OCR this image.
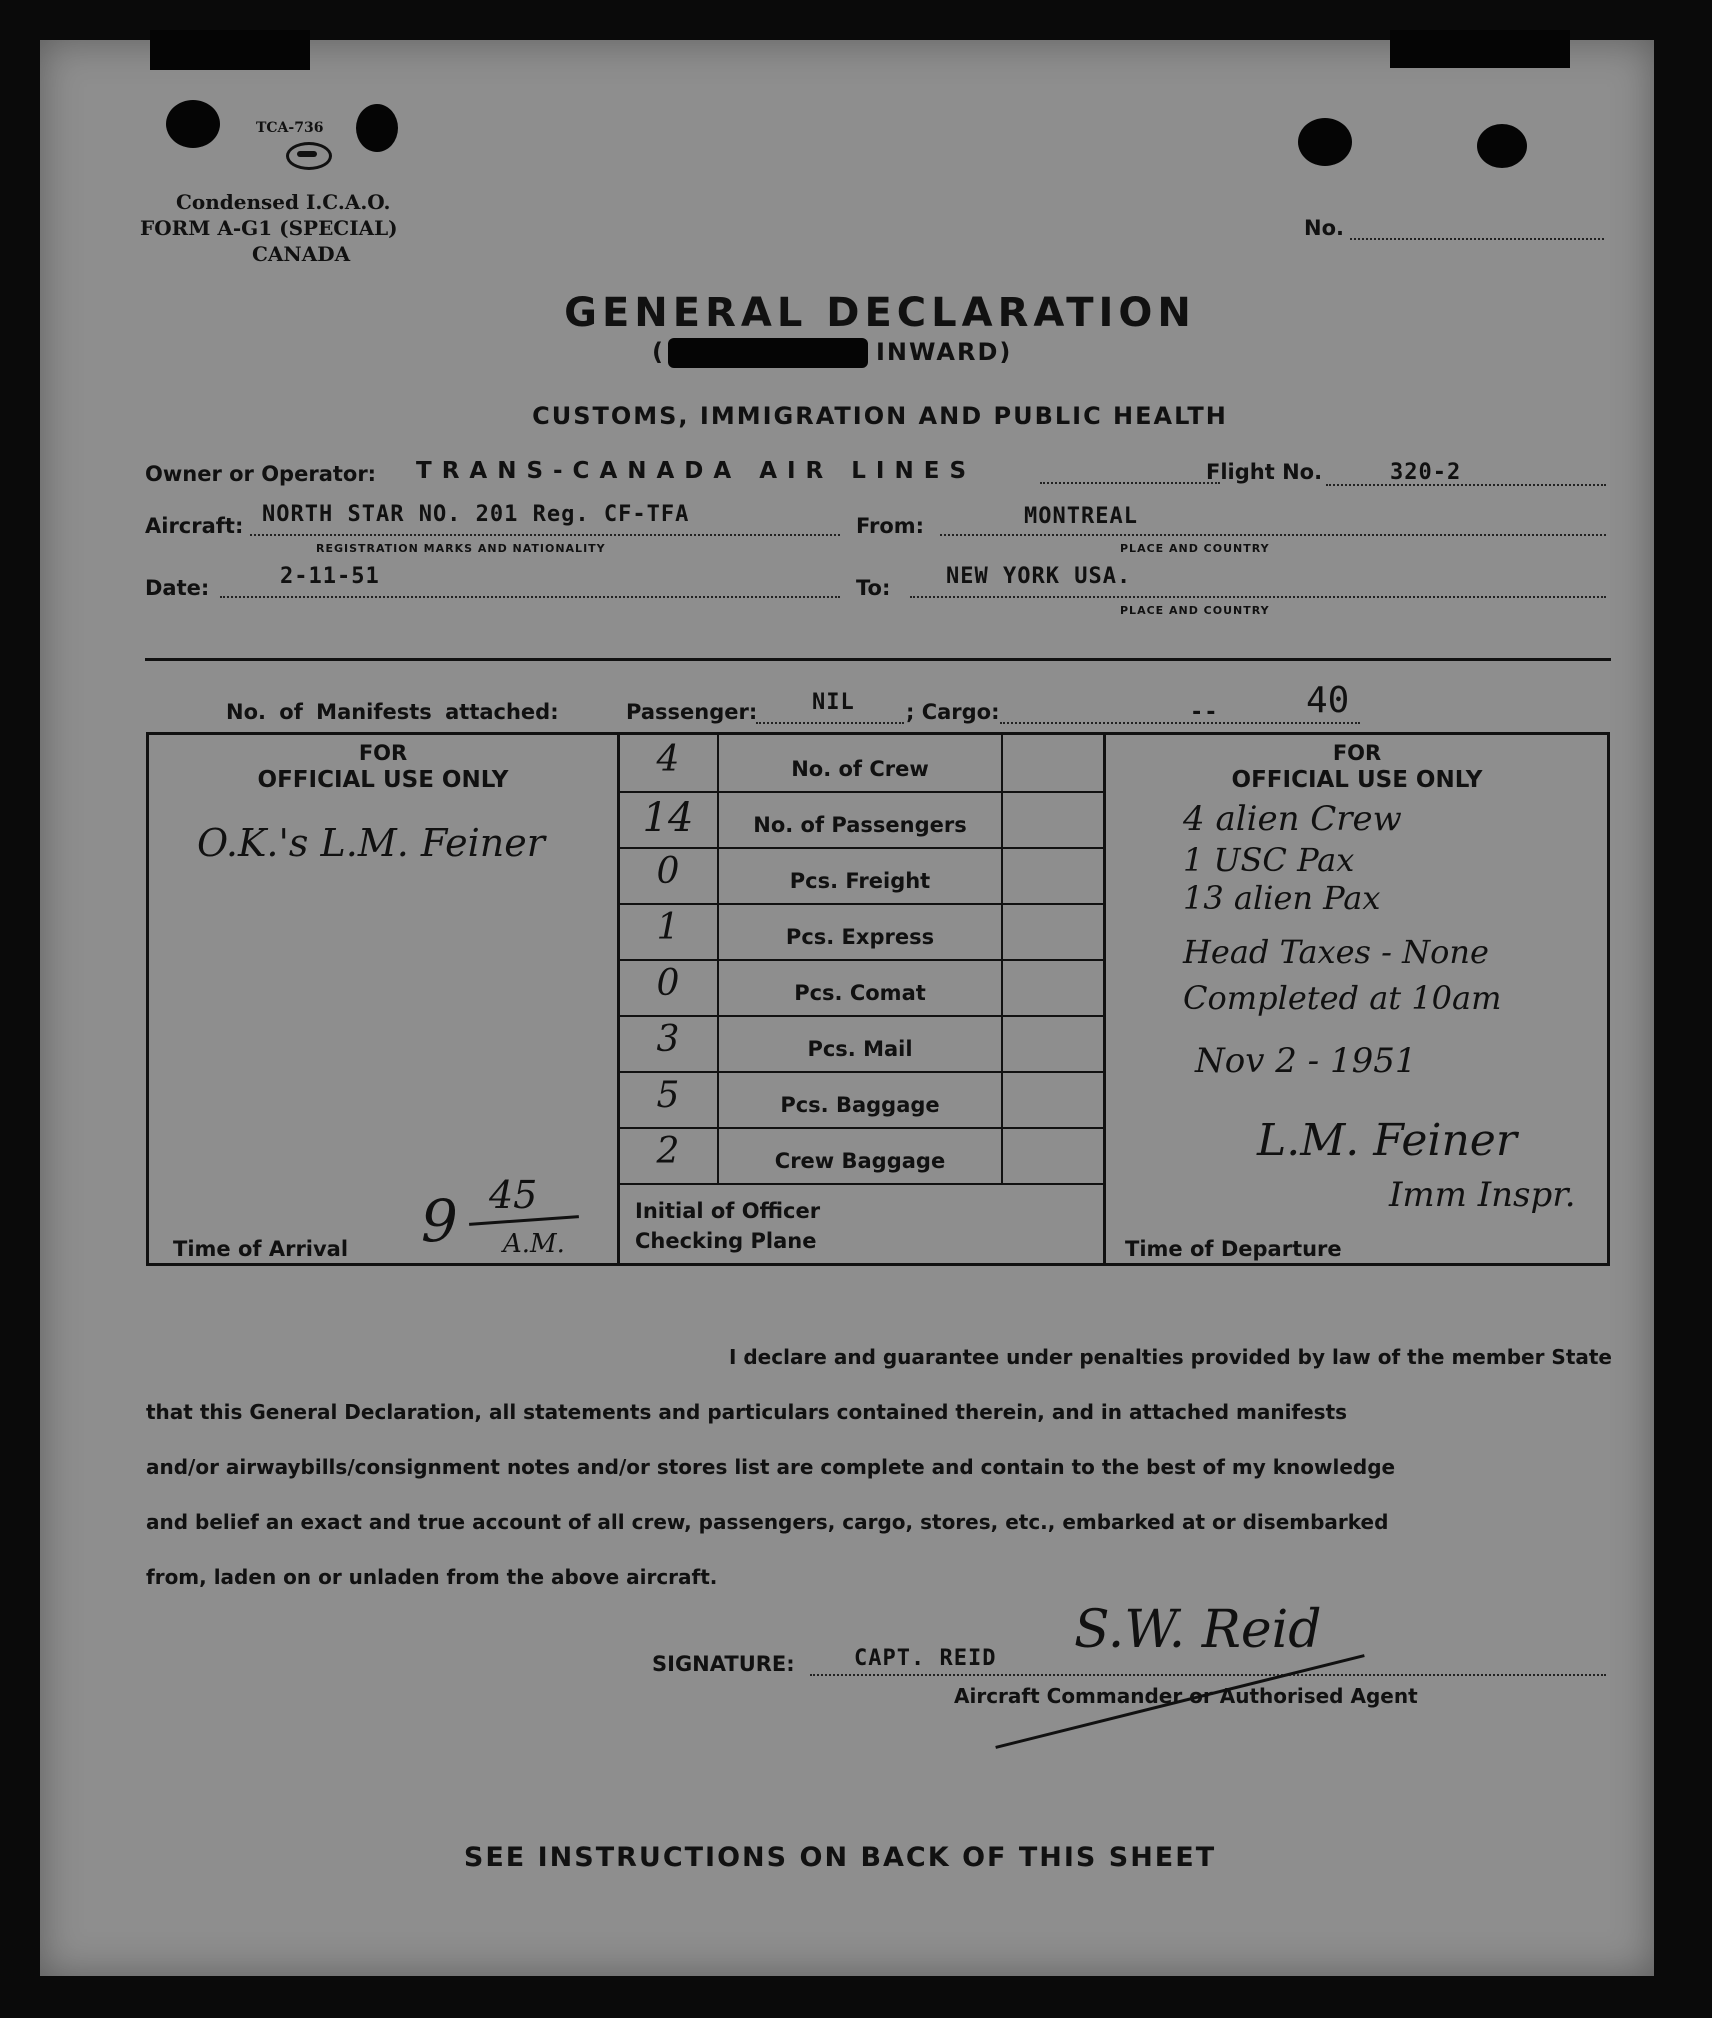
TCA-736
Condensed I.C.A.O.
FORM A-G1 (SPECIAL)
CANADA
No.
GENERAL DECLARATION
(	INWARD)
CUSTOMS, IMMIGRATION AND PUBLIC HEALTH
Owner or Operator: TRANS-CANADA AIR LINES	Flight No.	320-2
Aircraft: NORTH STAR NO. 201 Reg. CF-TFA
REGISTRATION MARKS AND NATIONALITY
From:	MONTREAL
PLACE AND COUNTRY
Date:	2-11-51	To:	NEW YORK USA.
PLACE AND COUNTRY
No. of Manifests attached:	Passenger: NIL ; Cargo:	-- 40
FOR
OFFICIAL USE ONLY
O.K.'s L.M. Feiner
Time of Arrival 9 45
A.M.
4	No. of Crew
14	No. of Passengers
0	Pcs. Freight
1	Pcs. Express
0	Pcs. Comat
3	Pcs. Mail
5	Pcs. Baggage
2	Crew Baggage
Initial of Officer
Checking Plane
FOR
OFFICIAL USE ONLY
4 alien Crew
1 USC Pax
13 alien Pax
Head Taxes - None
Completed at 10am
Nov 2 - 1951
L.M. Feiner
Imm Inspr.
Time of Departure
I declare and guarantee under penalties provided by law of the member State
that this General Declaration, all statements and particulars contained therein, and in attached manifests
and/or airwaybills/consignment notes and/or stores list are complete and contain to the best of my knowledge
and belief an exact and true account of all crew, passengers, cargo, stores, etc., embarked at or disembarked
from, laden on or unladen from the above aircraft.
SIGNATURE:	CAPT. REID S.W. Reid
Aircraft Commander or Authorised Agent
SEE INSTRUCTIONS ON BACK OF THIS SHEET
